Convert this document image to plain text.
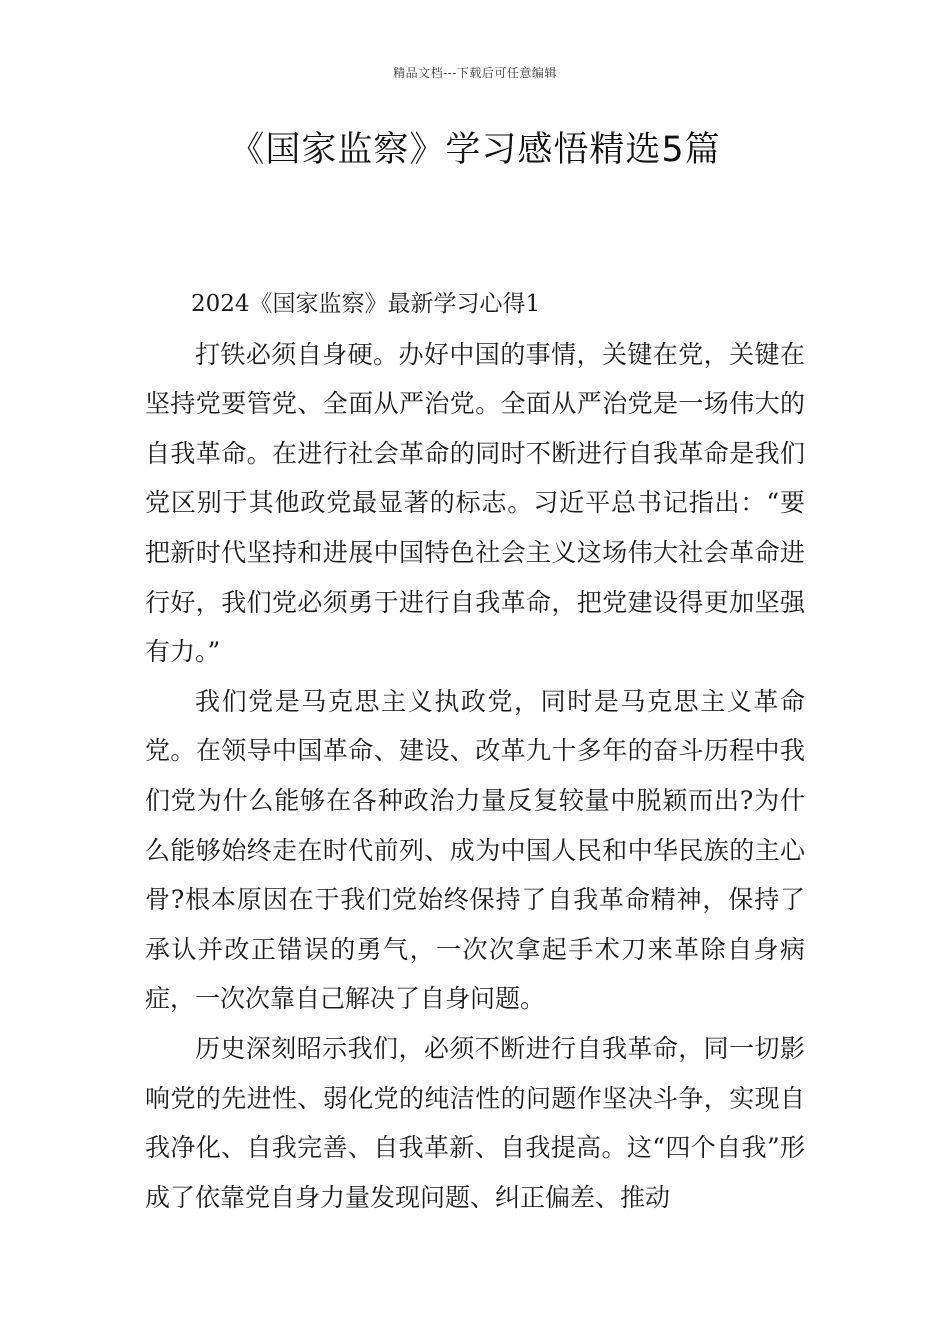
精品文档---下载后可任意编辑
《国家监察》学习感悟精选5篇

2024《国家监察》最新学习心得1

打铁必须自身硬。办好中国的事情，关键在党，关键在坚持党要管党、全面从严治党。全面从严治党是一场伟大的自我革命。在进行社会革命的同时不断进行自我革命是我们党区别于其他政党最显著的标志。习近平总书记指出：“要把新时代坚持和进展中国特色社会主义这场伟大社会革命进行好，我们党必须勇于进行自我革命，把党建设得更加坚强有力。”

我们党是马克思主义执政党，同时是马克思主义革命党。在领导中国革命、建设、改革九十多年的奋斗历程中我们党为什么能够在各种政治力量反复较量中脱颖而出?为什么能够始终走在时代前列、成为中国人民和中华民族的主心骨?根本原因在于我们党始终保持了自我革命精神，保持了承认并改正错误的勇气，一次次拿起手术刀来革除自身病症，一次次靠自己解决了自身问题。

历史深刻昭示我们，必须不断进行自我革命，同一切影响党的先进性、弱化党的纯洁性的问题作坚决斗争，实现自我净化、自我完善、自我革新、自我提高。这“四个自我”形成了依靠党自身力量发现问题、纠正偏差、推动
